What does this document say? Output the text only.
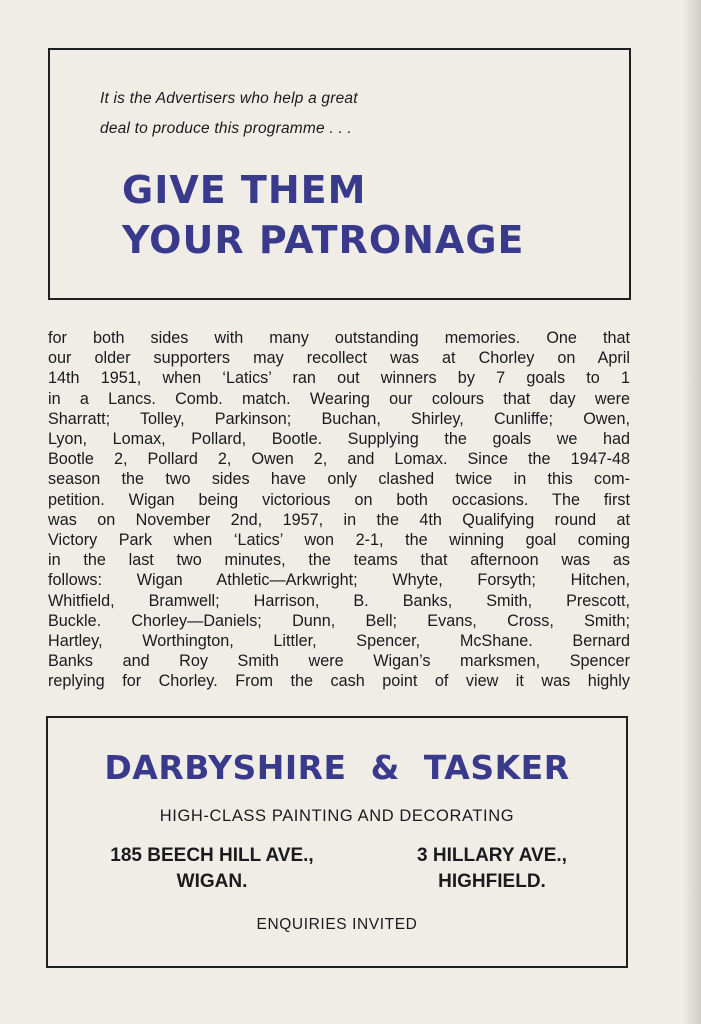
It is the Advertisers who help a great
deal to produce this programme . . .
GIVE THEM
YOUR PATRONAGE
for both sides with many outstanding memories. One that
our older supporters may recollect was at Chorley on April
14th 1951, when ‘Latics’ ran out winners by 7 goals to 1
in a Lancs. Comb. match. Wearing our colours that day were
Sharratt; Tolley, Parkinson; Buchan, Shirley, Cunliffe; Owen,
Lyon, Lomax, Pollard, Bootle. Supplying the goals we had
Bootle 2, Pollard 2, Owen 2, and Lomax. Since the 1947-48
season the two sides have only clashed twice in this com-
petition. Wigan being victorious on both occasions. The first
was on November 2nd, 1957, in the 4th Qualifying round at
Victory Park when ‘Latics’ won 2-1, the winning goal coming
in the last two minutes, the teams that afternoon was as
follows: Wigan Athletic—Arkwright; Whyte, Forsyth; Hitchen,
Whitfield, Bramwell; Harrison, B. Banks, Smith, Prescott,
Buckle. Chorley—Daniels; Dunn, Bell; Evans, Cross, Smith;
Hartley, Worthington, Littler, Spencer, McShane. Bernard
Banks and Roy Smith were Wigan’s marksmen, Spencer
replying for Chorley. From the cash point of view it was highly
DARBYSHIRE  &  TASKER
HIGH-CLASS PAINTING AND DECORATING
185 BEECH HILL AVE.,
WIGAN.
3 HILLARY AVE.,
HIGHFIELD.
ENQUIRIES INVITED
